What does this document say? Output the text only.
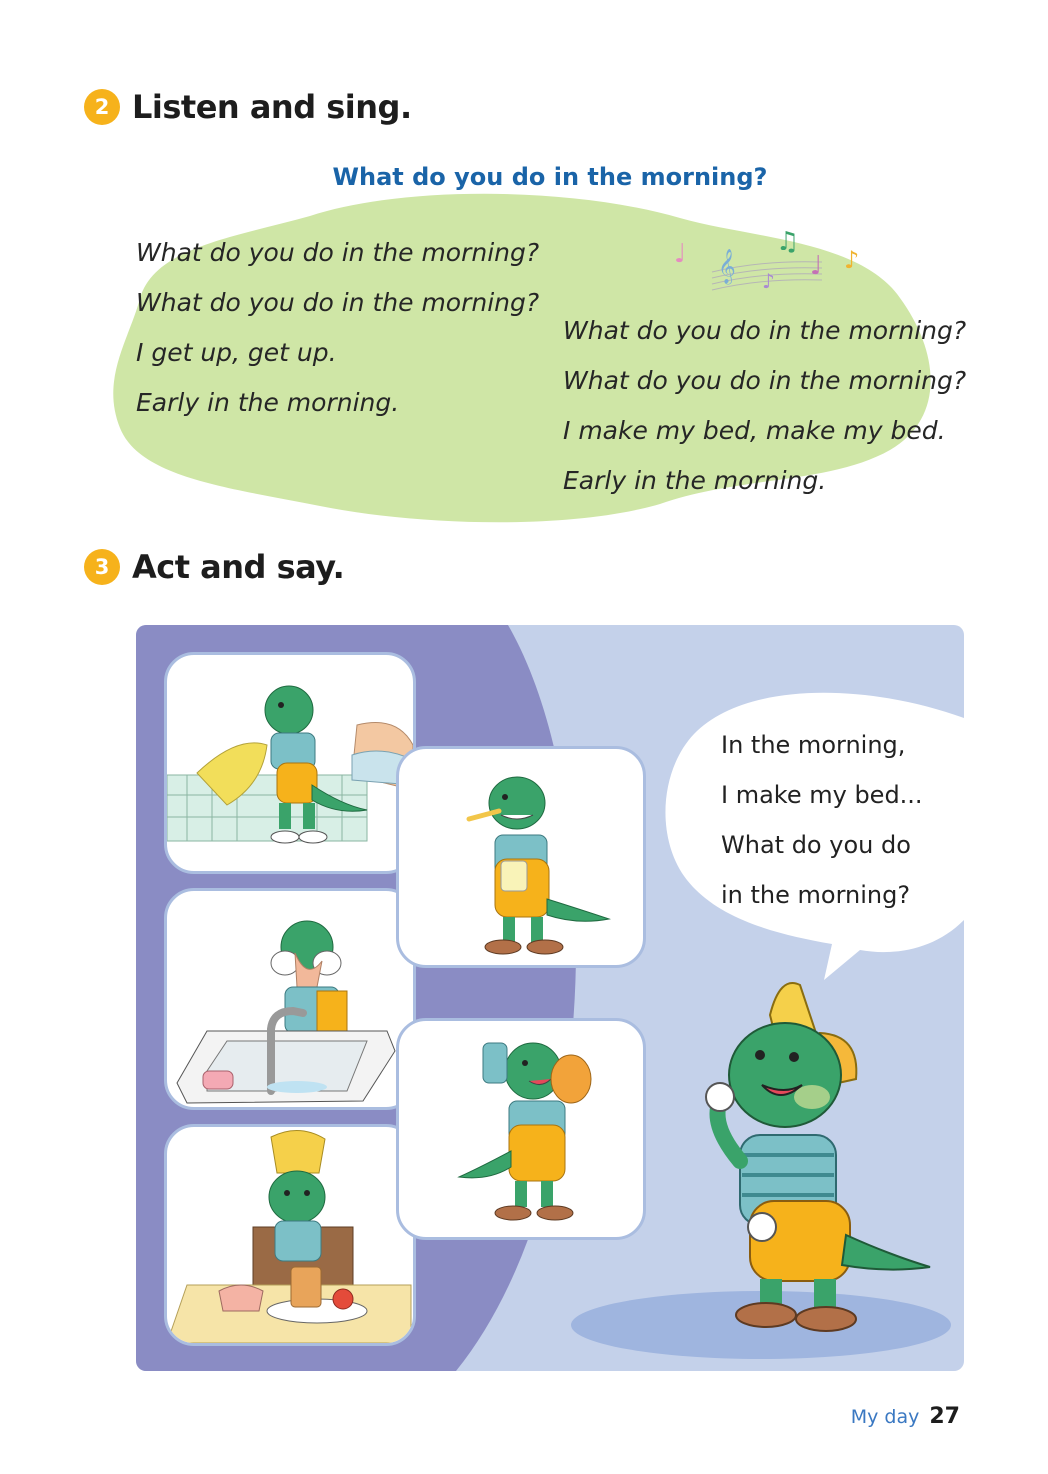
2 Listen and sing.
What do you do in the morning?
What do you do in the morning?
What do you do in the morning?
I get up, get up.
Early in the morning.
♩ 𝄞
♫
♩
♪
♪
What do you do in the morning?
What do you do in the morning?
I make my bed, make my bed.
Early in the morning.
3 Act and say.
In the morning,
I make my bed...
What do you do
in the morning?
My day 27
